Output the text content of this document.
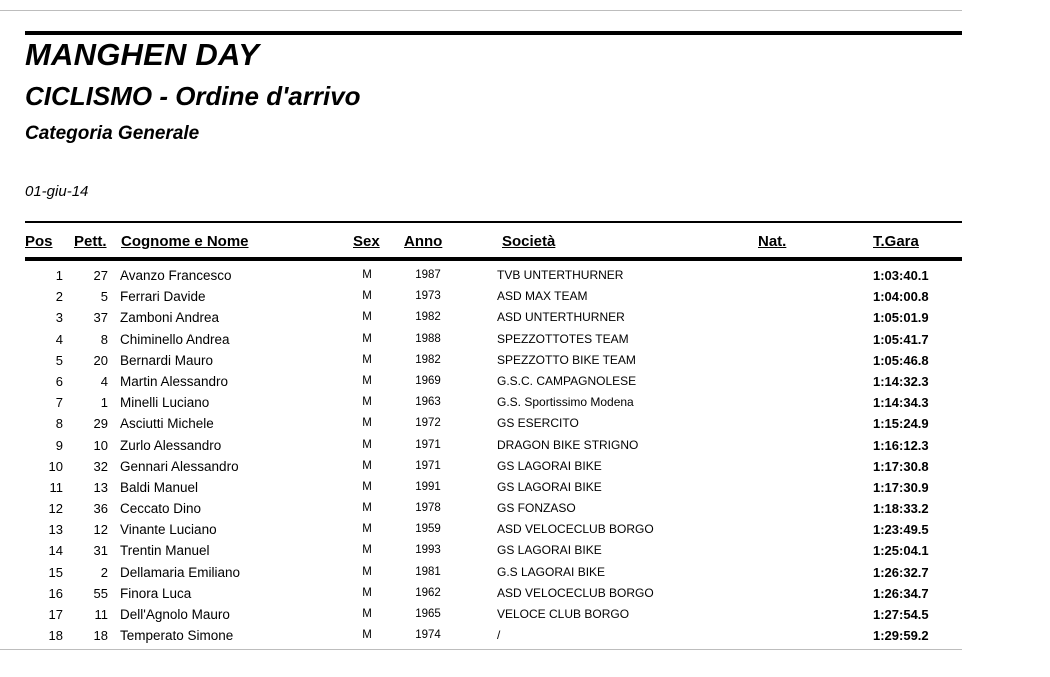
MANGHEN DAY
CICLISMO - Ordine d'arrivo
Categoria Generale
01-giu-14
Pos Pett. Cognome e Nome	Sex Anno	Società	Nat.	T.Gara
1	27 Avanzo Francesco	M	1987	TVB UNTERTHURNER	1:03:40.1
2	5 Ferrari Davide	M	1973	ASD MAX TEAM	1:04:00.8
3	37 Zamboni Andrea	M	1982	ASD UNTERTHURNER	1:05:01.9
4	8 Chiminello Andrea	M	1988	SPEZZOTTOTES TEAM	1:05:41.7
5	20 Bernardi Mauro	M	1982	SPEZZOTTO BIKE TEAM	1:05:46.8
6	4 Martin Alessandro	M	1969	G.S.C. CAMPAGNOLESE	1:14:32.3
7	1 Minelli Luciano	M	1963	G.S. Sportissimo Modena	1:14:34.3
8	29 Asciutti Michele	M	1972	GS ESERCITO	1:15:24.9
9	10 Zurlo Alessandro	M	1971	DRAGON BIKE STRIGNO	1:16:12.3
10	32 Gennari Alessandro	M	1971	GS LAGORAI BIKE	1:17:30.8
11	13 Baldi Manuel	M	1991	GS LAGORAI BIKE	1:17:30.9
12	36 Ceccato Dino	M	1978	GS FONZASO	1:18:33.2
13	12 Vinante Luciano	M	1959	ASD VELOCECLUB BORGO	1:23:49.5
14	31 Trentin Manuel	M	1993	GS LAGORAI BIKE	1:25:04.1
15	2 Dellamaria Emiliano	M	1981	G.S LAGORAI BIKE	1:26:32.7
16	55 Finora Luca	M	1962	ASD VELOCECLUB BORGO	1:26:34.7
17	11 Dell'Agnolo Mauro	M	1965	VELOCE CLUB BORGO	1:27:54.5
18	18 Temperato Simone	M	1974	/	1:29:59.2
